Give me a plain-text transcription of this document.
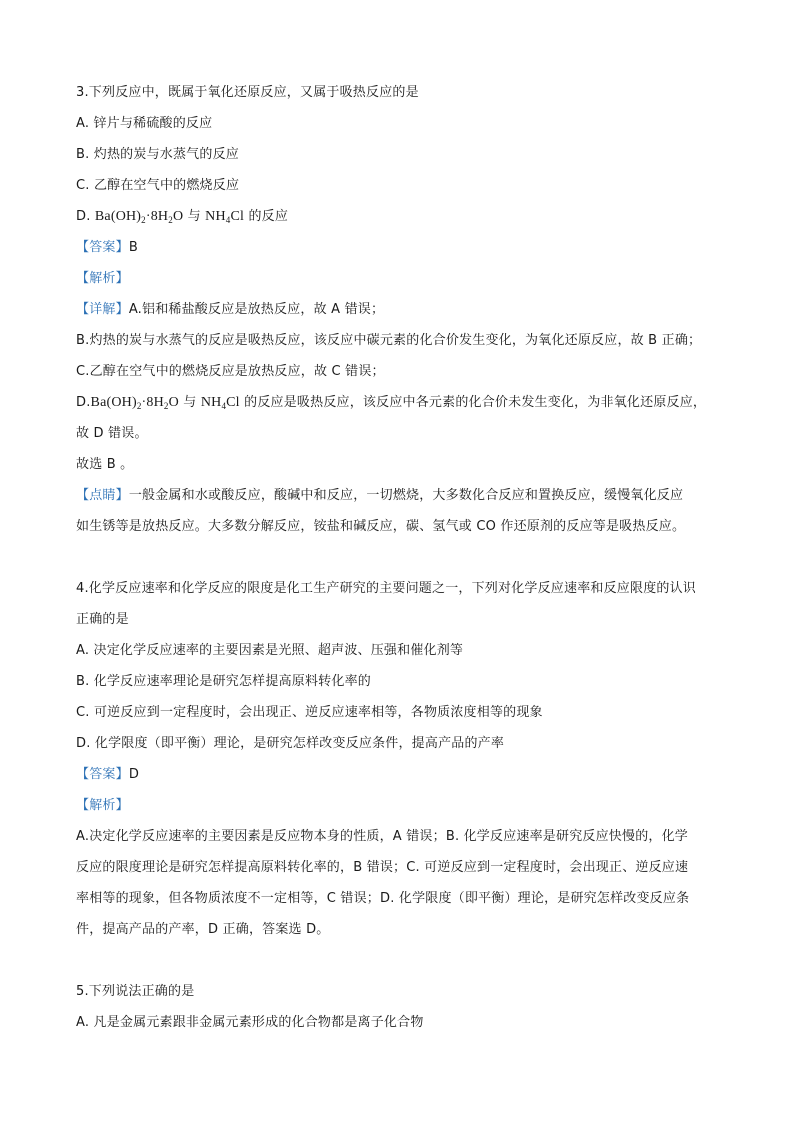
3.下列反应中，既属于氧化还原反应，又属于吸热反应的是
A. 锌片与稀硫酸的反应
B. 灼热的炭与水蒸气的反应
C. 乙醇在空气中的燃烧反应
D. $Ba(OH)_2\cdot 8H_2O$ 与 $NH_4Cl$ 的反应
【答案】B
【解析】
【详解】A.铝和稀盐酸反应是放热反应，故 A 错误；
B.灼热的炭与水蒸气的反应是吸热反应，该反应中碳元素的化合价发生变化，为氧化还原反应，故 B 正确；
C.乙醇在空气中的燃烧反应是放热反应，故 C 错误；
$D.Ba(OH)_2\cdot 8H_2O$ 与 $NH_4Cl$ 的反应是吸热反应，该反应中各元素的化合价未发生变化，为非氧化还原反应，
故 D 错误。
故选 B 。
【点睛】一般金属和水或酸反应，酸碱中和反应，一切燃烧，大多数化合反应和置换反应，缓慢氧化反应
如生锈等是放热反应。大多数分解反应，铵盐和碱反应，碳、氢气或 CO 作还原剂的反应等是吸热反应。
4.化学反应速率和化学反应的限度是化工生产研究的主要问题之一，下列对化学反应速率和反应限度的认识
正确的是
A. 决定化学反应速率的主要因素是光照、超声波、压强和催化剂等
B. 化学反应速率理论是研究怎样提高原料转化率的
C. 可逆反应到一定程度时，会出现正、逆反应速率相等，各物质浓度相等的现象
D. 化学限度（即平衡）理论，是研究怎样改变反应条件，提高产品的产率
【答案】D
【解析】
A.决定化学反应速率的主要因素是反应物本身的性质，A 错误；B. 化学反应速率是研究反应快慢的，化学
反应的限度理论是研究怎样提高原料转化率的，B 错误；C. 可逆反应到一定程度时，会出现正、逆反应速
率相等的现象，但各物质浓度不一定相等，C 错误；D. 化学限度（即平衡）理论，是研究怎样改变反应条
件，提高产品的产率，D 正确，答案选 D。
5.下列说法正确的是
A. 凡是金属元素跟非金属元素形成的化合物都是离子化合物
